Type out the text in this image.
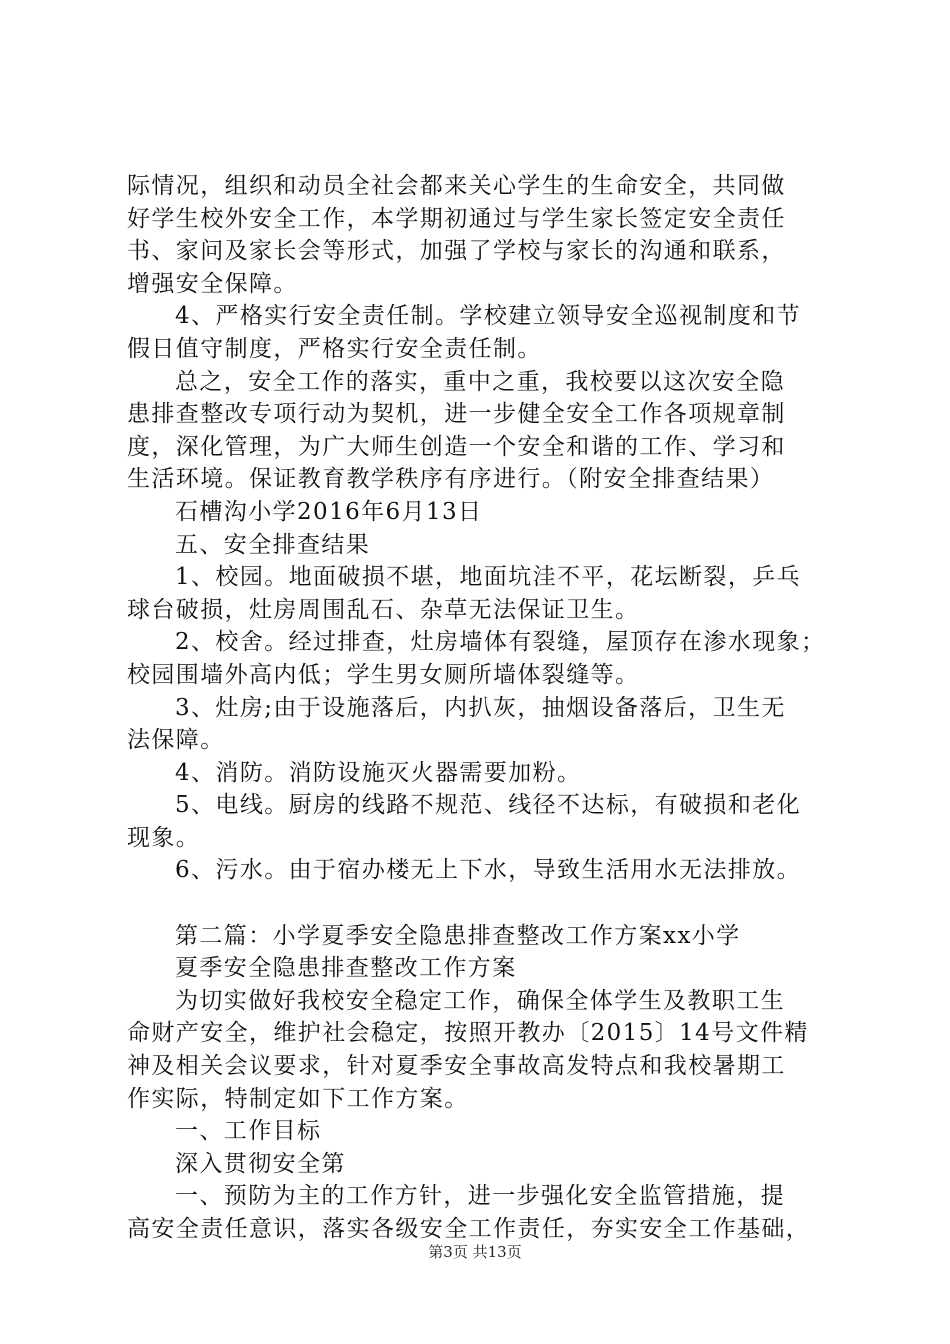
际情况，组织和动员全社会都来关心学生的生命安全，共同做
好学生校外安全工作，本学期初通过与学生家长签定安全责任
书、家问及家长会等形式，加强了学校与家长的沟通和联系，
增强安全保障。
4、严格实行安全责任制。学校建立领导安全巡视制度和节
假日值守制度，严格实行安全责任制。
总之，安全工作的落实，重中之重，我校要以这次安全隐
患排查整改专项行动为契机，进一步健全安全工作各项规章制
度，深化管理，为广大师生创造一个安全和谐的工作、学习和
生活环境。保证教育教学秩序有序进行。（附安全排查结果）
石槽沟小学2016年6月13日
五、安全排查结果
1、校园。地面破损不堪，地面坑洼不平，花坛断裂，乒乓
球台破损，灶房周围乱石、杂草无法保证卫生。
2、校舍。经过排查，灶房墙体有裂缝，屋顶存在渗水现象；
校园围墙外高内低；学生男女厕所墙体裂缝等。
3、灶房;由于设施落后，内扒灰，抽烟设备落后，卫生无
法保障。
4、消防。消防设施灭火器需要加粉。
5、电线。厨房的线路不规范、线径不达标，有破损和老化
现象。
6、污水。由于宿办楼无上下水，导致生活用水无法排放。
第二篇：小学夏季安全隐患排查整改工作方案xx小学
夏季安全隐患排查整改工作方案
为切实做好我校安全稳定工作，确保全体学生及教职工生
命财产安全，维护社会稳定，按照开教办〔2015〕14号文件精
神及相关会议要求，针对夏季安全事故高发特点和我校暑期工
作实际，特制定如下工作方案。
一、工作目标
深入贯彻安全第
一、预防为主的工作方针，进一步强化安全监管措施，提
高安全责任意识，落实各级安全工作责任，夯实安全工作基础，
第3页 共13页
